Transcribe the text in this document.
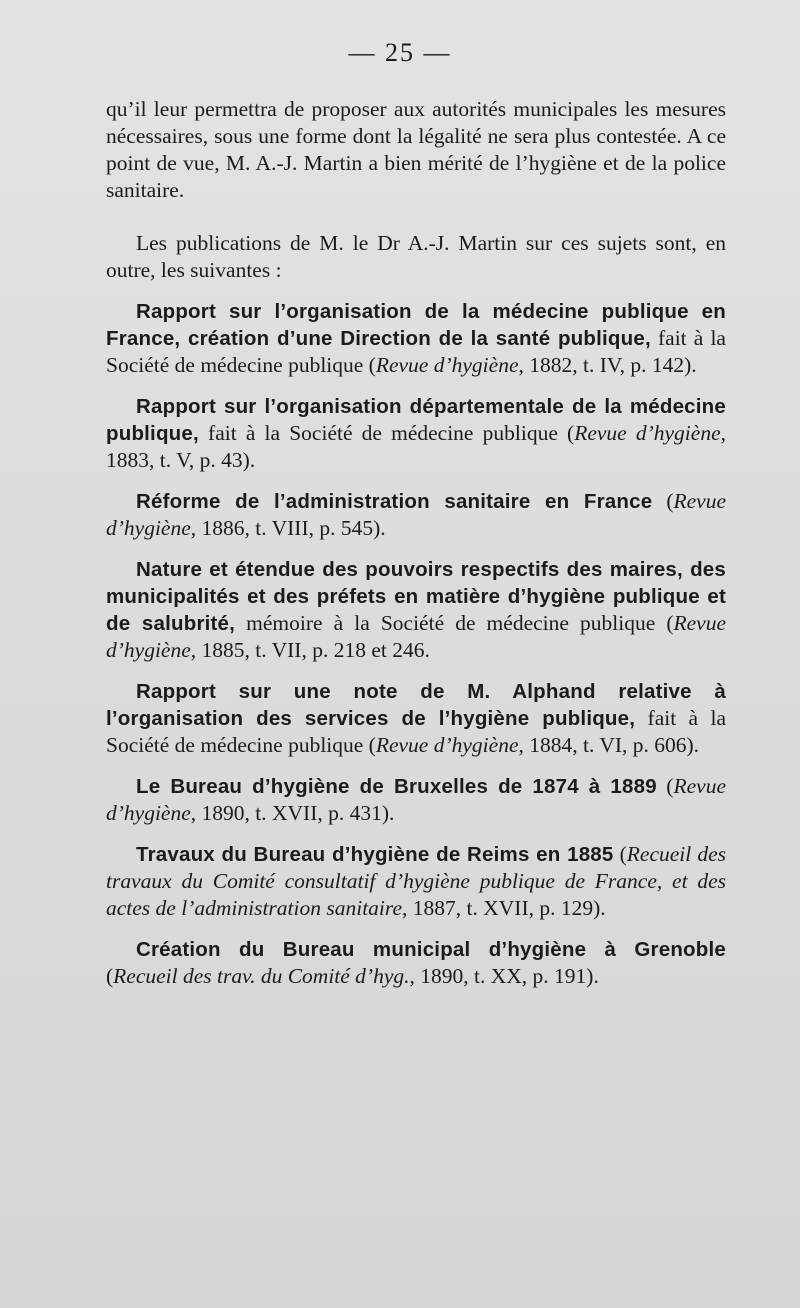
— 25 —

qu’il leur permettra de proposer aux autorités municipales les mesures nécessaires, sous une forme dont la légalité ne sera plus contestée. A ce point de vue, M. A.-J. Martin a bien mérité de l’hygiène et de la police sanitaire.

Les publications de M. le Dr A.-J. Martin sur ces sujets sont, en outre, les suivantes :

Rapport sur l’organisation de la médecine publique en France, création d’une Direction de la santé publique, fait à la Société de médecine publique (Revue d’hygiène, 1882, t. IV, p. 142).

Rapport sur l’organisation départementale de la médecine publique, fait à la Société de médecine publique (Revue d’hygiène, 1883, t. V, p. 43).

Réforme de l’administration sanitaire en France (Revue d’hygiène, 1886, t. VIII, p. 545).

Nature et étendue des pouvoirs respectifs des maires, des municipalités et des préfets en matière d’hygiène publique et de salubrité, mémoire à la Société de médecine publique (Revue d’hygiène, 1885, t. VII, p. 218 et 246.

Rapport sur une note de M. Alphand relative à l’organisation des services de l’hygiène publique, fait à la Société de médecine publique (Revue d’hygiène, 1884, t. VI, p. 606).

Le Bureau d’hygiène de Bruxelles de 1874 à 1889 (Revue d’hygiène, 1890, t. XVII, p. 431).

Travaux du Bureau d’hygiène de Reims en 1885 (Recueil des travaux du Comité consultatif d’hygiène publique de France, et des actes de l’administration sanitaire, 1887, t. XVII, p. 129).

Création du Bureau municipal d’hygiène à Grenoble (Recueil des trav. du Comité d’hyg., 1890, t. XX, p. 191).
